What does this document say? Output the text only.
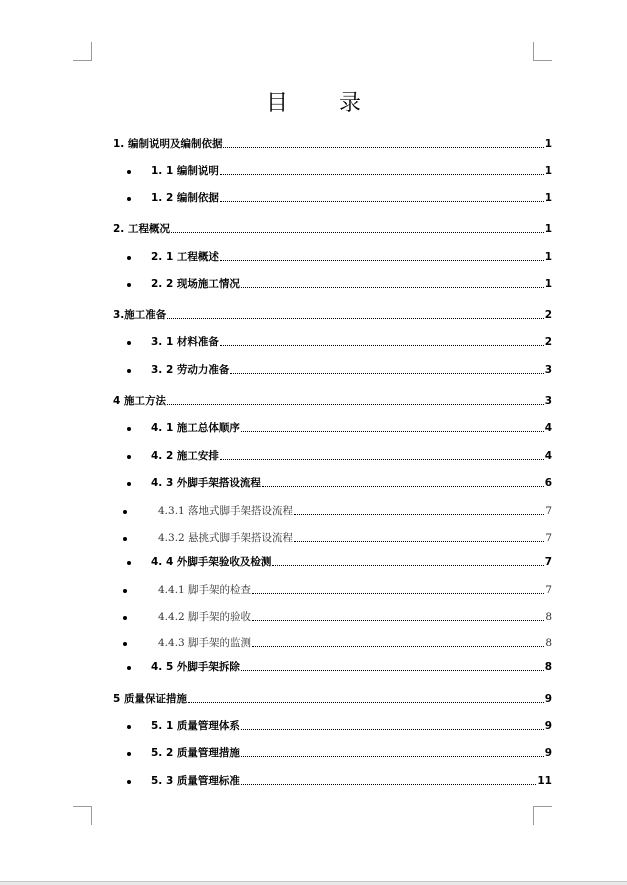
目 录
1. 编制说明及编制依据	1
1. 1 编制说明	1
1. 2 编制依据	1
2. 工程概况	1
2. 1 工程概述	1
2. 2 现场施工情况	1
3.施工准备	2
3. 1 材料准备	2
3. 2 劳动力准备	3
4 施工方法	3
4. 1 施工总体顺序	4
4. 2 施工安排	4
4. 3 外脚手架搭设流程	6
4.3.1 落地式脚手架搭设流程	7
4.3.2 悬挑式脚手架搭设流程	7
4. 4 外脚手架验收及检测	7
4.4.1 脚手架的检查	7
4.4.2 脚手架的验收	8
4.4.3 脚手架的监测	8
4. 5 外脚手架拆除	8
5 质量保证措施	9
5. 1 质量管理体系	9
5. 2 质量管理措施	9
5. 3 质量管理标准	11
